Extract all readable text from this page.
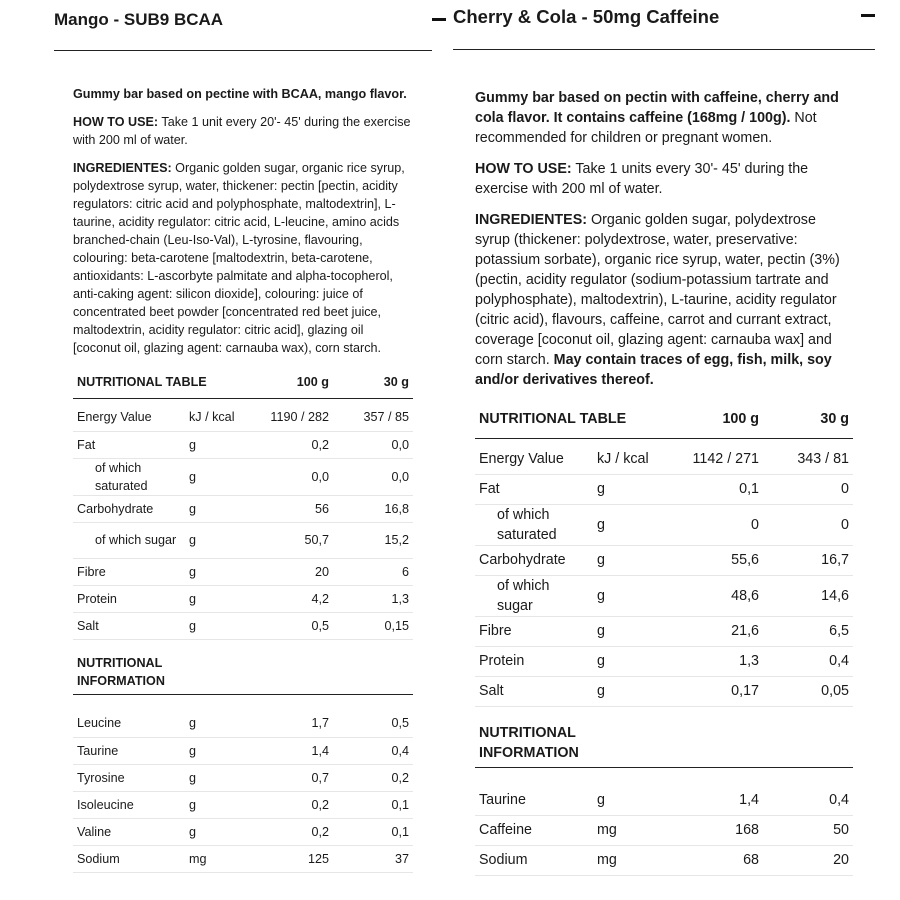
Mango - SUB9 BCAA

Gummy bar based on pectine with BCAA, mango flavor.

HOW TO USE: Take 1 unit every 20'- 45' during the exercise with 200 ml of water.

INGREDIENTES: Organic golden sugar, organic rice syrup, polydextrose syrup, water, thickener: pectin [pectin, acidity regulators: citric acid and polyphosphate, maltodextrin], L-taurine, acidity regulator: citric acid, L-leucine, amino acids branched-chain (Leu-Iso-Val), L-tyrosine, flavouring, colouring: beta-carotene [maltodextrin, beta-carotene, antioxidants: L-ascorbyte palmitate and alpha-tocopherol, anti-caking agent: silicon dioxide], colouring: juice of concentrated beet powder [concentrated red beet juice, maltodextrin, acidity regulator: citric acid], glazing oil [coconut oil, glazing agent: carnauba wax), corn starch.

NUTRITIONAL TABLE		100 g	30 g

Energy Value	kJ / kcal	1190 / 282	357 / 85
Fat	g	0,2	0,0
of which saturated	g	0,0	0,0
Carbohydrate	g	56	16,8
of which sugar	g	50,7	15,2
Fibre	g	20	6
Protein	g	4,2	1,3
Salt	g	0,5	0,15
NUTRITIONAL
INFORMATION			

Leucine	g	1,7	0,5
Taurine	g	1,4	0,4
Tyrosine	g	0,7	0,2
Isoleucine	g	0,2	0,1
Valine	g	0,2	0,1
Sodium	mg	125	37
Cherry & Cola - 50mg Caffeine

Gummy bar based on pectin with caffeine, cherry and cola flavor. It contains caffeine (168mg / 100g). Not recommended for children or pregnant women.

HOW TO USE: Take 1 units every 30'- 45' during the exercise with 200 ml of water.

INGREDIENTES: Organic golden sugar, polydextrose syrup (thickener: polydextrose, water, preservative: potassium sorbate), organic rice syrup, water, pectin (3%) (pectin, acidity regulator (sodium-potassium tartrate and polyphosphate), maltodextrin), L-taurine, acidity regulator (citric acid), flavours, caffeine, carrot and currant extract, coverage [coconut oil, glazing agent: carnauba wax] and corn starch. May contain traces of egg, fish, milk, soy and/or derivatives thereof.

NUTRITIONAL TABLE		100 g	30 g

Energy Value	kJ / kcal	1142 / 271	343 / 81
Fat	g	0,1	0
of which saturated	g	0	0
Carbohydrate	g	55,6	16,7
of which sugar	g	48,6	14,6
Fibre	g	21,6	6,5
Protein	g	1,3	0,4
Salt	g	0,17	0,05
NUTRITIONAL
INFORMATION			

Taurine	g	1,4	0,4
Caffeine	mg	168	50
Sodium	mg	68	20
